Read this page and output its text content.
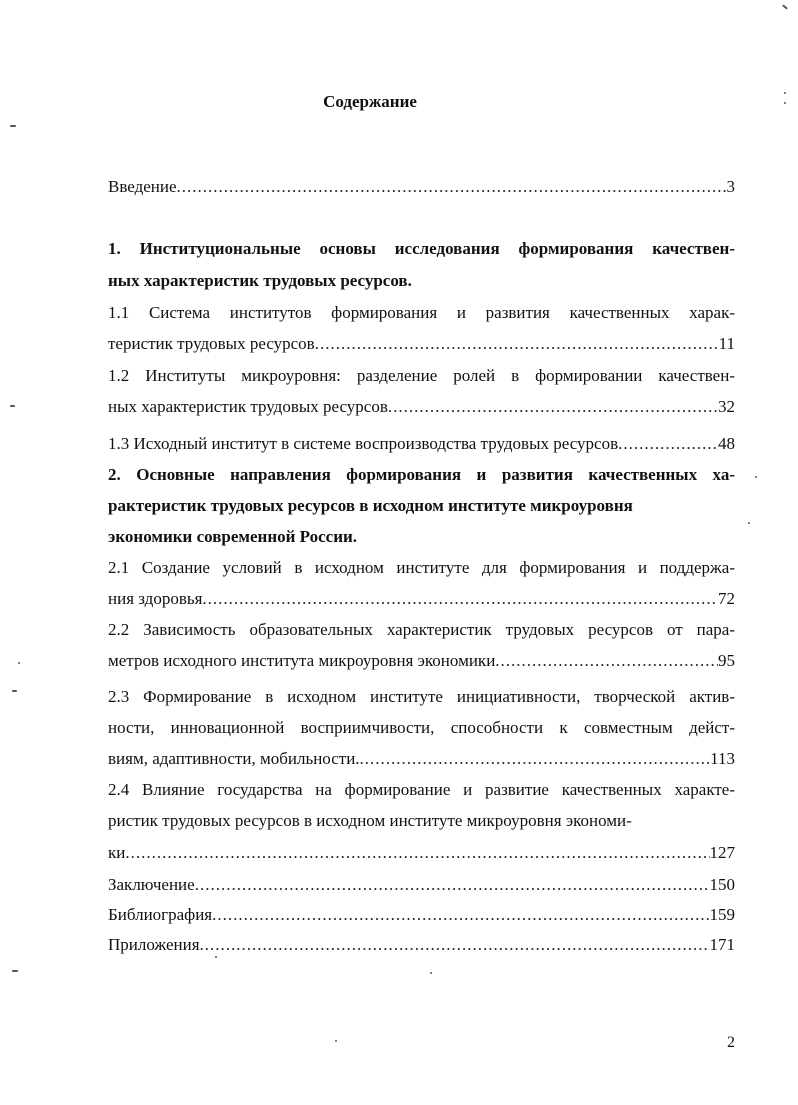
Содержание
Введение .....	3
1. Институциональные основы исследования формирования качествен-
ных характеристик трудовых ресурсов.
1.1 Система институтов формирования и развития качественных харак-
теристик трудовых ресурсов .....	11
1.2 Институты микроуровня: разделение ролей в формировании качествен-
ных характеристик трудовых ресурсов .....	32
1.3 Исходный институт в системе воспроизводства трудовых ресурсов .....	48
2. Основные направления формирования и развития качественных ха-
рактеристик трудовых ресурсов в исходном институте микроуровня
экономики современной России.
2.1 Создание условий в исходном институте для формирования и поддержа-
ния здоровья .....	72
2.2 Зависимость образовательных характеристик трудовых ресурсов от пара-
метров исходного института микроуровня экономики .....	95
2.3 Формирование в исходном институте инициативности, творческой актив-
ности, инновационной восприимчивости, способности к совместным дейст-
виям, адаптивности, мобильности. .....	113
2.4 Влияние государства на формирование и развитие качественных характе-
ристик трудовых ресурсов в исходном институте микроуровня экономи-
ки .....	127
Заключение .....	150
Библиография .....	159
Приложения .....	171
2
